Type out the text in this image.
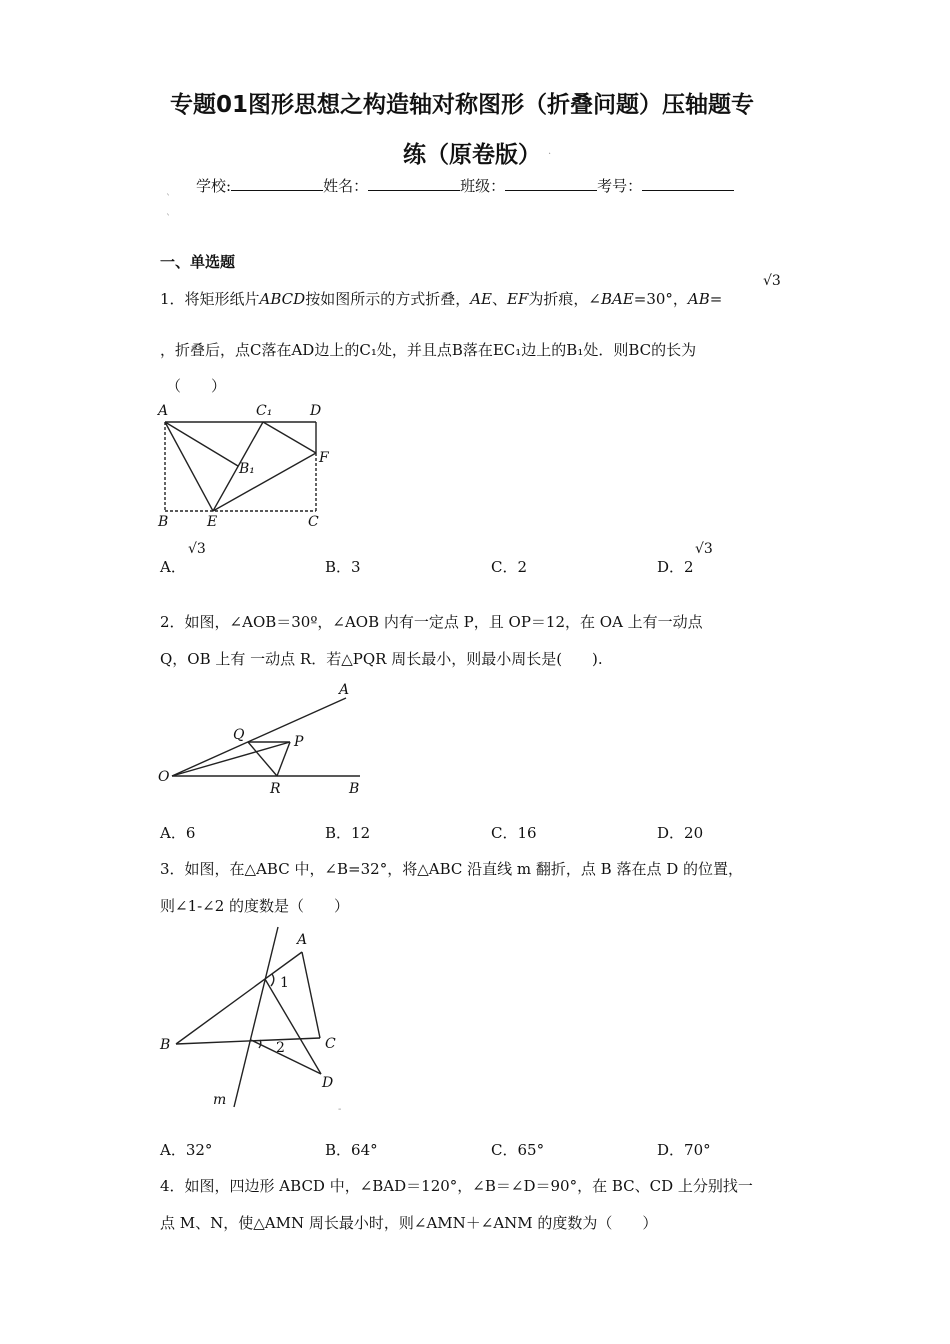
专题01图形思想之构造轴对称图形（折叠问题）压轴题专
练（原卷版） .
学校:	姓名：	班级：	考号：
`
`
一、单选题
1．将矩形纸片ABCD按如图所示的方式折叠，AE、EF为折痕，∠BAE=30°，AB=
√3
，折叠后，点C落在AD边上的C₁处，并且点B落在EC₁边上的B₁处．则BC的长为
（　　）
A	C₁	D
B₁
F
B	E	C
A．
√3
B．3	C．2	D．2
√3
2．如图，∠AOB＝30º，∠AOB 内有一定点 P，且 OP＝12，在 OA 上有一动点
Q，OB 上有 一动点 R．若△PQR 周长最小，则最小周长是(　　).
A
Q	P
O
R	B
A．6	B．12	C．16	D．20
3．如图，在△ABC 中，∠B=32°，将△ABC 沿直线 m 翻折，点 B 落在点 D 的位置，
则∠1-∠2 的度数是（　　）
A
1
B	2	C
D
m
-
A．32°	B．64°	C．65°	D．70°
4．如图，四边形 ABCD 中，∠BAD＝120°，∠B＝∠D＝90°，在 BC、CD 上分别找一
点 M、N，使△AMN 周长最小时，则∠AMN＋∠ANM 的度数为（　　）
